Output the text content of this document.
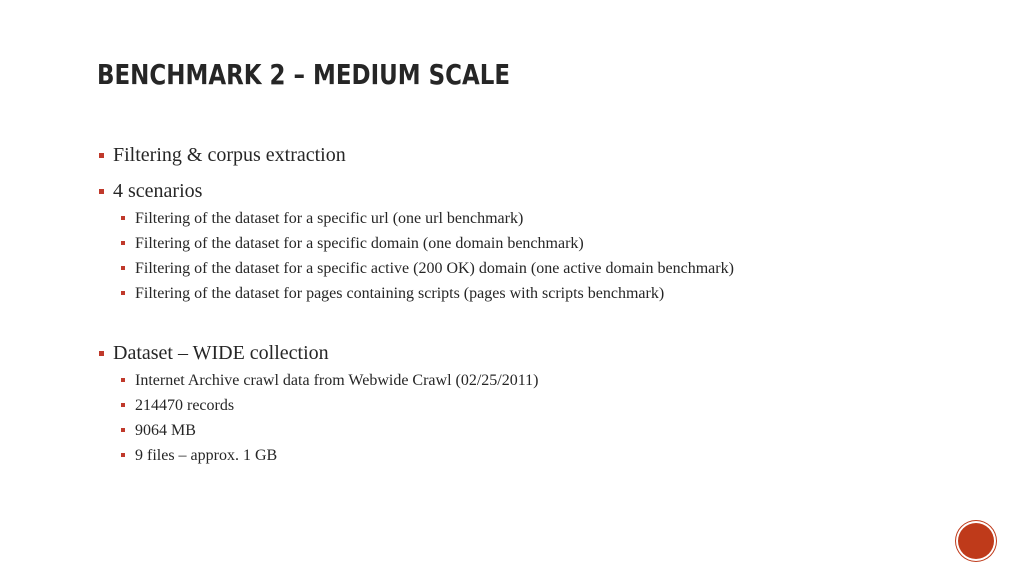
BENCHMARK 2 – MEDIUM SCALE
Filtering & corpus extraction
4 scenarios
Filtering of the dataset for a specific url (one url benchmark)
Filtering of the dataset for a specific domain (one domain benchmark)
Filtering of the dataset for a specific active (200 OK) domain (one active domain benchmark)
Filtering of the dataset for pages containing scripts (pages with scripts benchmark)
Dataset – WIDE collection
Internet Archive crawl data from Webwide Crawl (02/25/2011)
214470 records
9064 MB
9 files – approx. 1 GB
